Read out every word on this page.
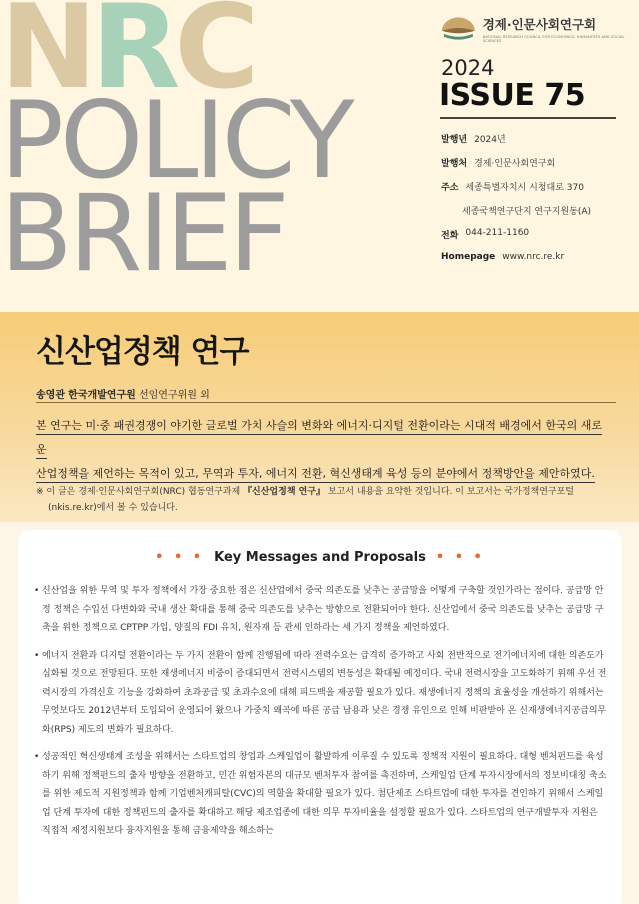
NRC
POLICY
BRIEF
경제·인문사회연구회
NATIONAL RESEARCH COUNCIL FOR ECONOMICS, HUMANITIES AND SOCIAL SCIENCES
2024
ISSUE 75
발행년 2024년
발행처 경제·인문사회연구회
주소 세종특별자치시 시청대로 370
세종국책연구단지 연구지원동(A)
전화 044-211-1160
Homepage www.nrc.re.kr
신산업정책 연구
송영관 한국개발연구원 선임연구위원 외
본 연구는 미·중 패권경쟁이 야기한 글로벌 가치 사슬의 변화와 에너지·디지털 전환이라는 시대적 배경에서 한국의 새로운
산업정책을 제언하는 목적이 있고, 무역과 투자, 에너지 전환, 혁신생태계 육성 등의 분야에서 정책방안을 제안하였다.
※ 이 글은 경제·인문사회연구회(NRC) 협동연구과제 『신산업정책 연구』 보고서 내용을 요약한 것입니다. 이 보고서는 국가정책연구포털
(nkis.re.kr)에서 볼 수 있습니다.
• • • Key Messages and Proposals • • •
• 신산업을 위한 무역 및 투자 정책에서 가장 중요한 점은 신산업에서 중국 의존도를 낮추는 공급망을 어떻게 구축할 것인가라는 점이다. 공급망 안정 정책은 수입선 다변화와 국내 생산 확대를 통해 중국 의존도를 낮추는 방향으로 전환되어야 한다. 신산업에서 중국 의존도를 낮추는 공급망 구축을 위한 정책으로 CPTPP 가입, 양질의 FDI 유치, 원자재 등 관세 인하라는 세 가지 정책을 제언하였다.
• 에너지 전환과 디지털 전환이라는 두 가지 전환이 함께 진행됨에 따라 전력수요는 급격히 증가하고 사회 전반적으로 전기에너지에 대한 의존도가 심화될 것으로 전망된다. 또한 재생에너지 비중이 증대되면서 전력시스템의 변동성은 확대될 예정이다. 국내 전력시장을 고도화하기 위해 우선 전력시장의 가격신호 기능을 강화하여 초과공급 및 초과수요에 대해 피드백을 제공할 필요가 있다. 재생에너지 정책의 효율성을 개선하기 위해서는 무엇보다도 2012년부터 도입되어 운영되어 왔으나 가중치 왜곡에 따른 공급 남용과 낮은 경쟁 유인으로 인해 비판받아 온 신재생에너지공급의무화(RPS) 제도의 변화가 필요하다.
• 성공적인 혁신생태계 조성을 위해서는 스타트업의 창업과 스케일업이 활발하게 이루질 수 있도록 정책적 지원이 필요하다. 대형 벤처펀드를 육성하기 위해 정책펀드의 출자 방향을 전환하고, 민간 위험자본의 대규모 벤처투자 참여를 촉진하며, 스케일업 단계 투자시장에서의 정보비대칭 축소를 위한 제도적 지원정책과 함께 기업벤처캐피탈(CVC)의 역할을 확대할 필요가 있다. 첨단제조 스타트업에 대한 투자를 견인하기 위해서 스케일업 단계 투자에 대한 정책펀드의 출자를 확대하고 해당 제조업종에 대한 의무 투자비율을 설정할 필요가 있다. 스타트업의 연구개발투자 지원은 직접적 재정지원보다 융자지원을 통해 금융제약을 해소하는
